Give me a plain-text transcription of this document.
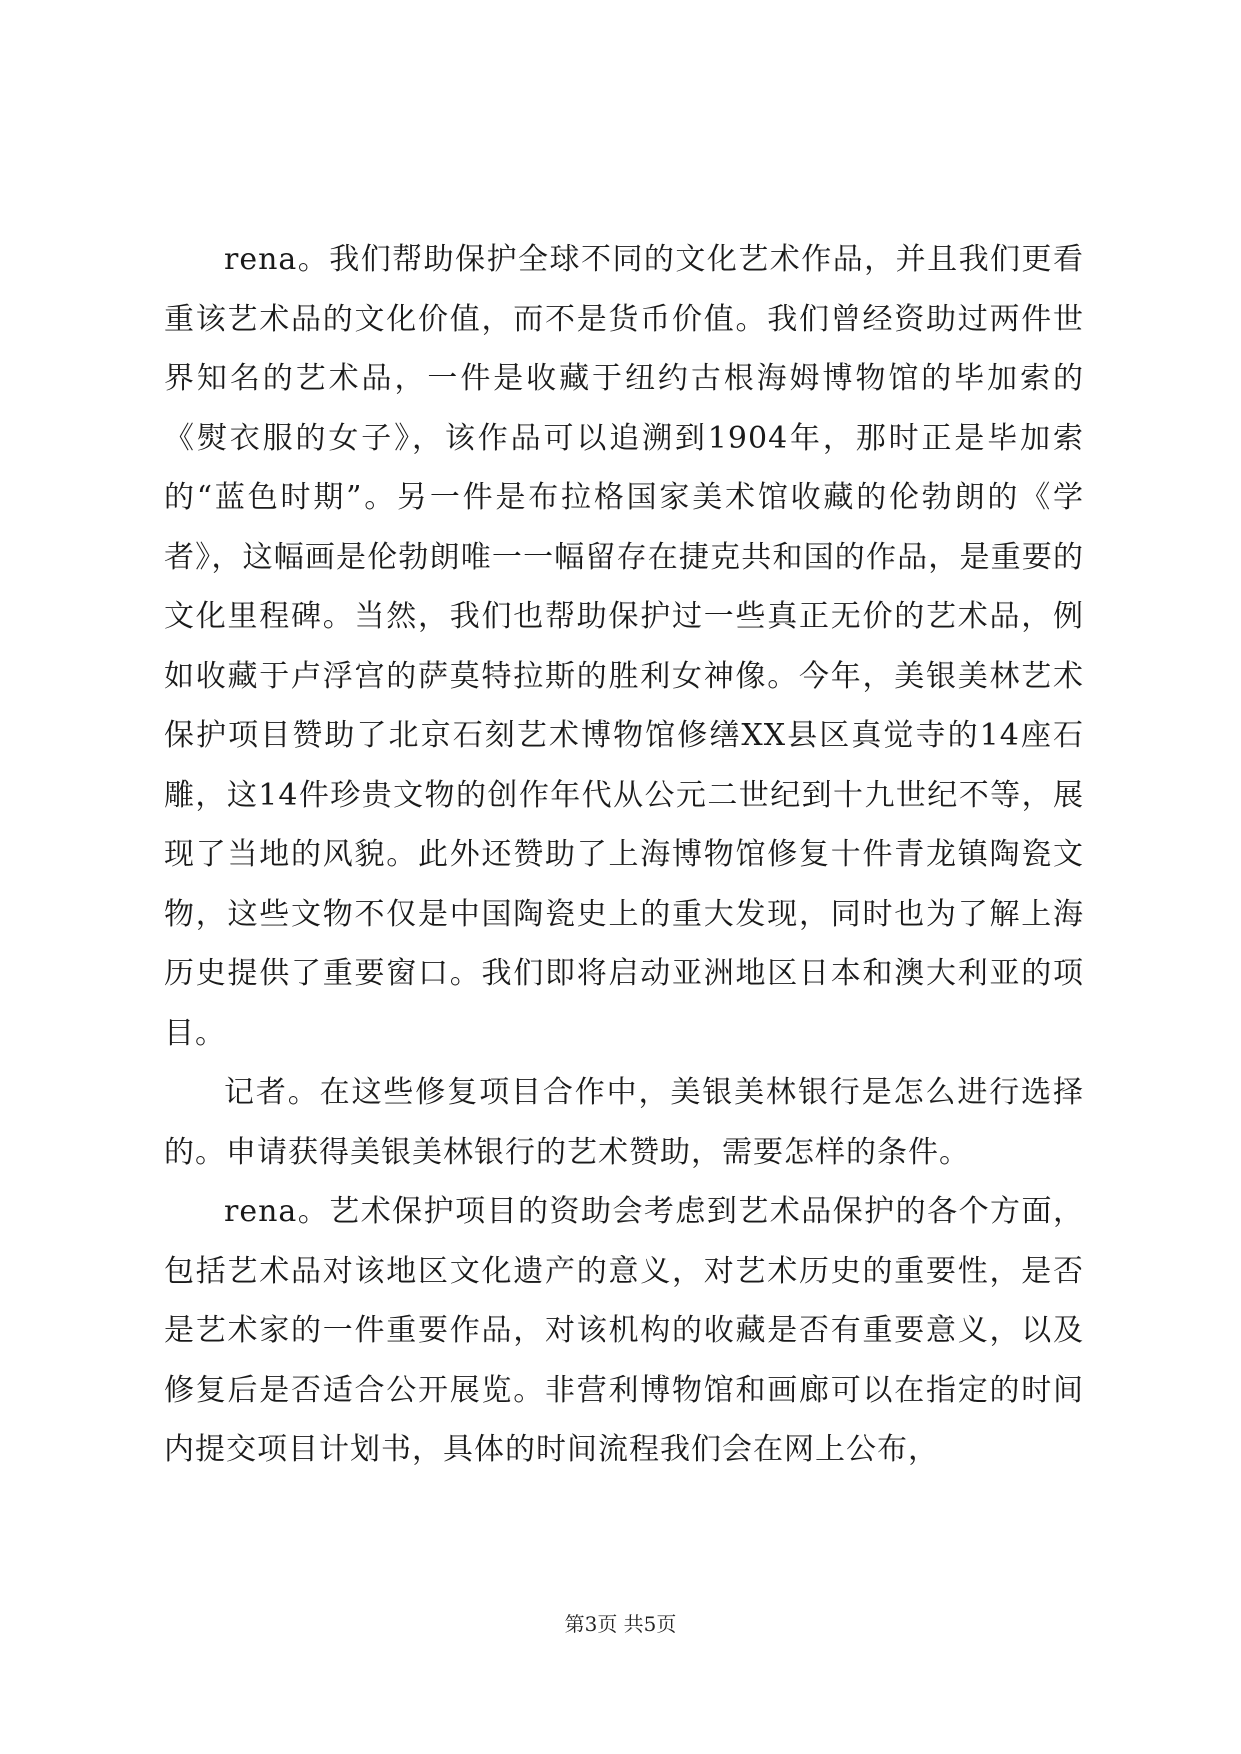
rena。我们帮助保护全球不同的文化艺术作品，并且我们更看重该艺术品的文化价值，而不是货币价值。我们曾经资助过两件世界知名的艺术品，一件是收藏于纽约古根海姆博物馆的毕加索的《熨衣服的女子》，该作品可以追溯到1904年，那时正是毕加索的“蓝色时期”。另一件是布拉格国家美术馆收藏的伦勃朗的《学者》，这幅画是伦勃朗唯一一幅留存在捷克共和国的作品，是重要的文化里程碑。当然，我们也帮助保护过一些真正无价的艺术品，例如收藏于卢浮宫的萨莫特拉斯的胜利女神像。今年，美银美林艺术保护项目赞助了北京石刻艺术博物馆修缮XX县区真觉寺的14座石雕，这14件珍贵文物的创作年代从公元二世纪到十九世纪不等，展现了当地的风貌。此外还赞助了上海博物馆修复十件青龙镇陶瓷文物，这些文物不仅是中国陶瓷史上的重大发现，同时也为了解上海历史提供了重要窗口。我们即将启动亚洲地区日本和澳大利亚的项目。

记者。在这些修复项目合作中，美银美林银行是怎么进行选择的。申请获得美银美林银行的艺术赞助，需要怎样的条件。

rena。艺术保护项目的资助会考虑到艺术品保护的各个方面，包括艺术品对该地区文化遗产的意义，对艺术历史的重要性，是否是艺术家的一件重要作品，对该机构的收藏是否有重要意义，以及修复后是否适合公开展览。非营利博物馆和画廊可以在指定的时间内提交项目计划书，具体的时间流程我们会在网上公布，

第3页 共5页
